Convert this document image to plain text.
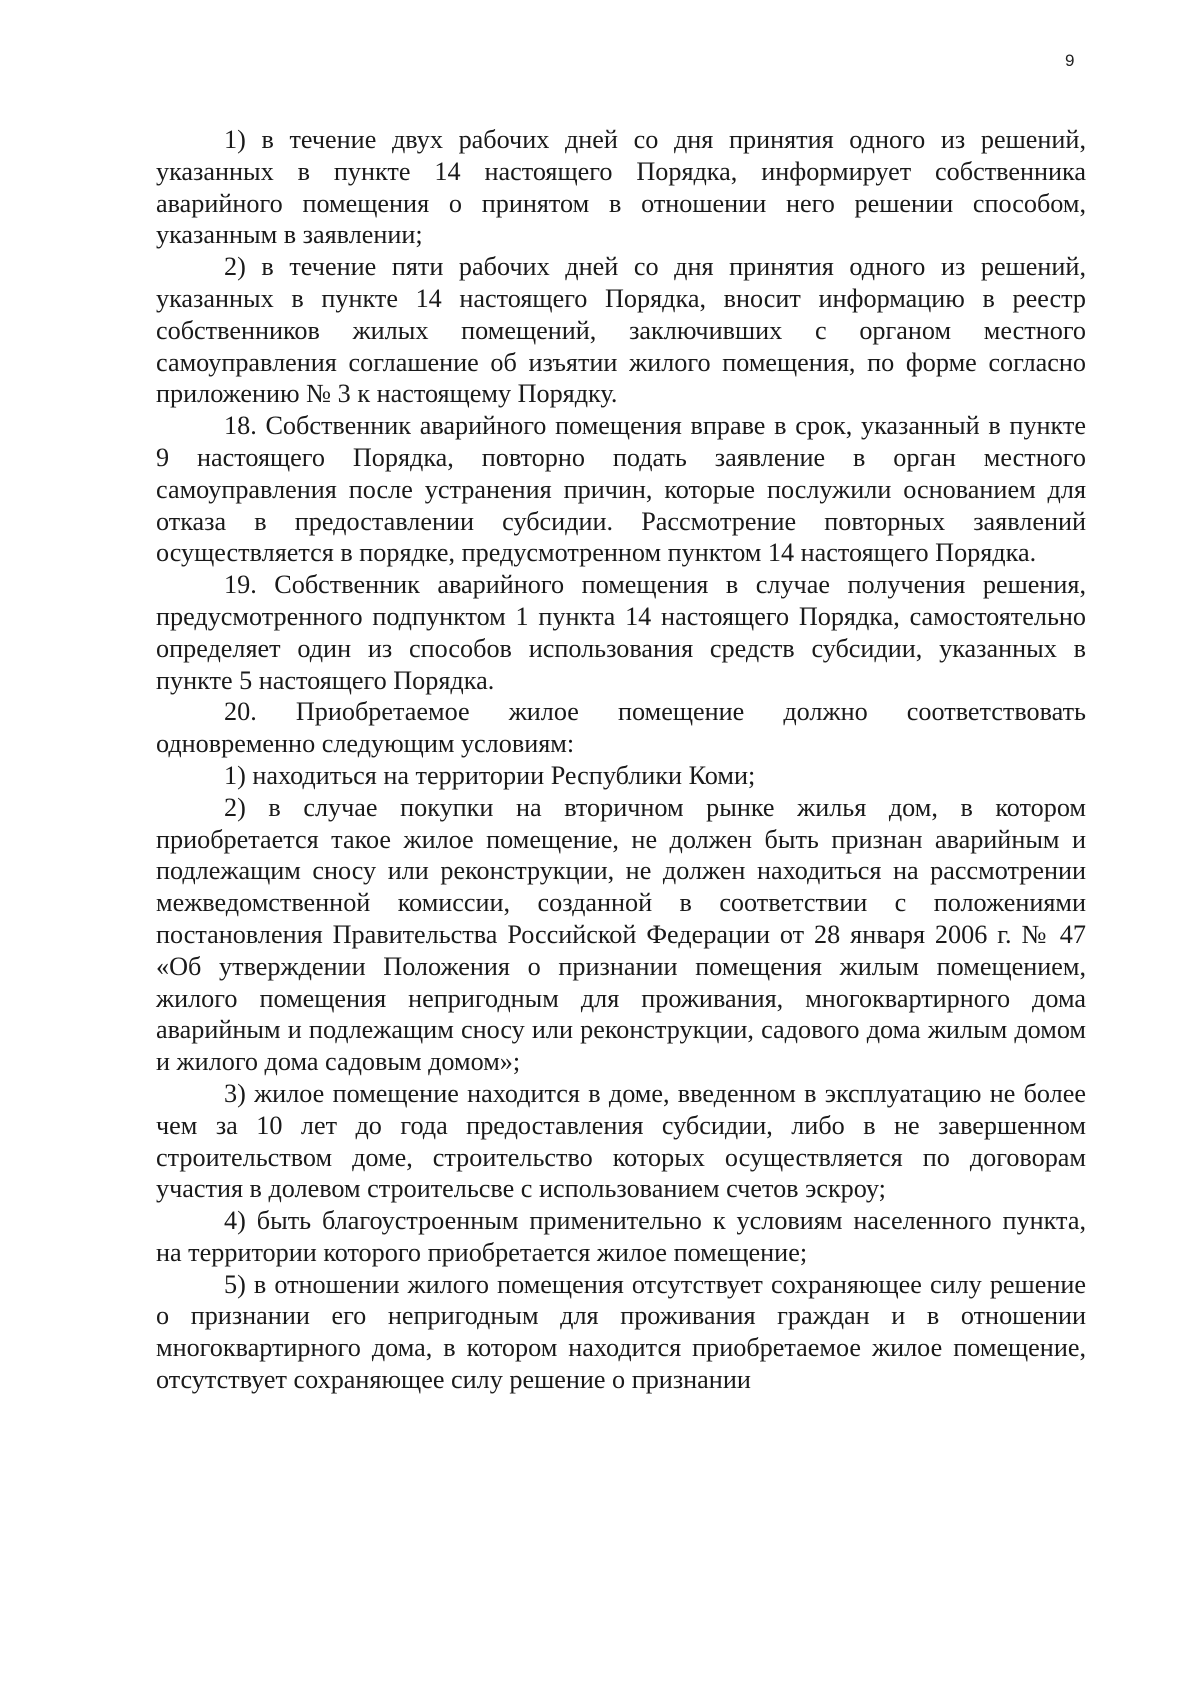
9

1) в течение двух рабочих дней со дня принятия одного из решений, указанных в пункте 14 настоящего Порядка, информирует собственника аварийного помещения о принятом в отношении него решении способом, указанным в заявлении;

2) в течение пяти рабочих дней со дня принятия одного из решений, указанных в пункте 14 настоящего Порядка, вносит информацию в реестр собственников жилых помещений, заключивших с органом местного самоуправления соглашение об изъятии жилого помещения, по форме согласно приложению № 3 к настоящему Порядку.

18. Собственник аварийного помещения вправе в срок, указанный в пункте 9 настоящего Порядка, повторно подать заявление в орган местного самоуправления после устранения причин, которые послужили основанием для отказа в предоставлении субсидии. Рассмотрение повторных заявлений осуществляется в порядке, предусмотренном пунктом 14 настоящего Порядка.

19. Собственник аварийного помещения в случае получения решения, предусмотренного подпунктом 1 пункта 14 настоящего Порядка, самостоятельно определяет один из способов использования средств субсидии, указанных в пункте 5 настоящего Порядка.

20. Приобретаемое жилое помещение должно соответствовать одновременно следующим условиям:

1) находиться на территории Республики Коми;

2) в случае покупки на вторичном рынке жилья дом, в котором приобретается такое жилое помещение, не должен быть признан аварийным и подлежащим сносу или реконструкции, не должен находиться на рассмотрении межведомственной комиссии, созданной в соответствии с положениями постановления Правительства Российской Федерации от 28 января 2006 г. № 47 «Об утверждении Положения о признании помещения жилым помещением, жилого помещения непригодным для проживания, многоквартирного дома аварийным и подлежащим сносу или реконструкции, садового дома жилым домом и жилого дома садовым домом»;

3) жилое помещение находится в доме, введенном в эксплуатацию не более чем за 10 лет до года предоставления субсидии, либо в не завершенном строительством доме, строительство которых осуществляется по договорам участия в долевом строительсве с использованием счетов эскроу;

4) быть благоустроенным применительно к условиям населенного пункта, на территории которого приобретается жилое помещение;

5) в отношении жилого помещения отсутствует сохраняющее силу решение о признании его непригодным для проживания граждан и в отношении многоквартирного дома, в котором находится приобретаемое жилое помещение, отсутствует сохраняющее силу решение о признании
